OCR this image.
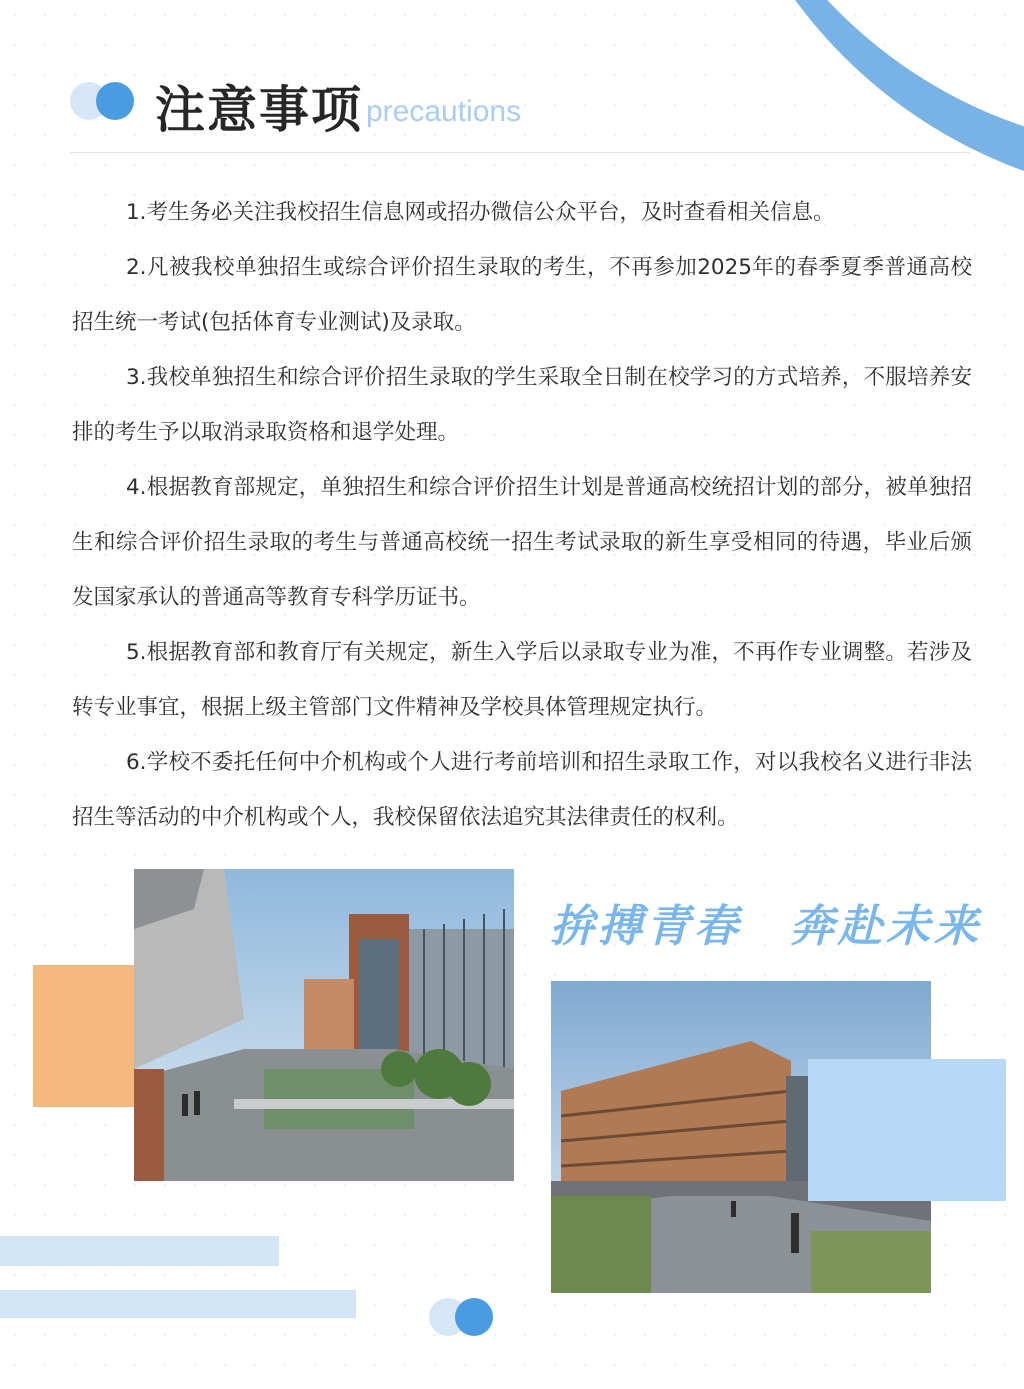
注意事项 precautions

1.考生务必关注我校招生信息网或招办微信公众平台，及时查看相关信息。

2.凡被我校单独招生或综合评价招生录取的考生，不再参加2025年的春季夏季普通高校招生统一考试(包括体育专业测试)及录取。

3.我校单独招生和综合评价招生录取的学生采取全日制在校学习的方式培养，不服培养安排的考生予以取消录取资格和退学处理。

4.根据教育部规定，单独招生和综合评价招生计划是普通高校统招计划的部分，被单独招生和综合评价招生录取的考生与普通高校统一招生考试录取的新生享受相同的待遇，毕业后颁发国家承认的普通高等教育专科学历证书。

5.根据教育部和教育厅有关规定，新生入学后以录取专业为准，不再作专业调整。若涉及转专业事宜，根据上级主管部门文件精神及学校具体管理规定执行。

6.学校不委托任何中介机构或个人进行考前培训和招生录取工作，对以我校名义进行非法招生等活动的中介机构或个人，我校保留依法追究其法律责任的权利。

拚搏青春　奔赴未来
